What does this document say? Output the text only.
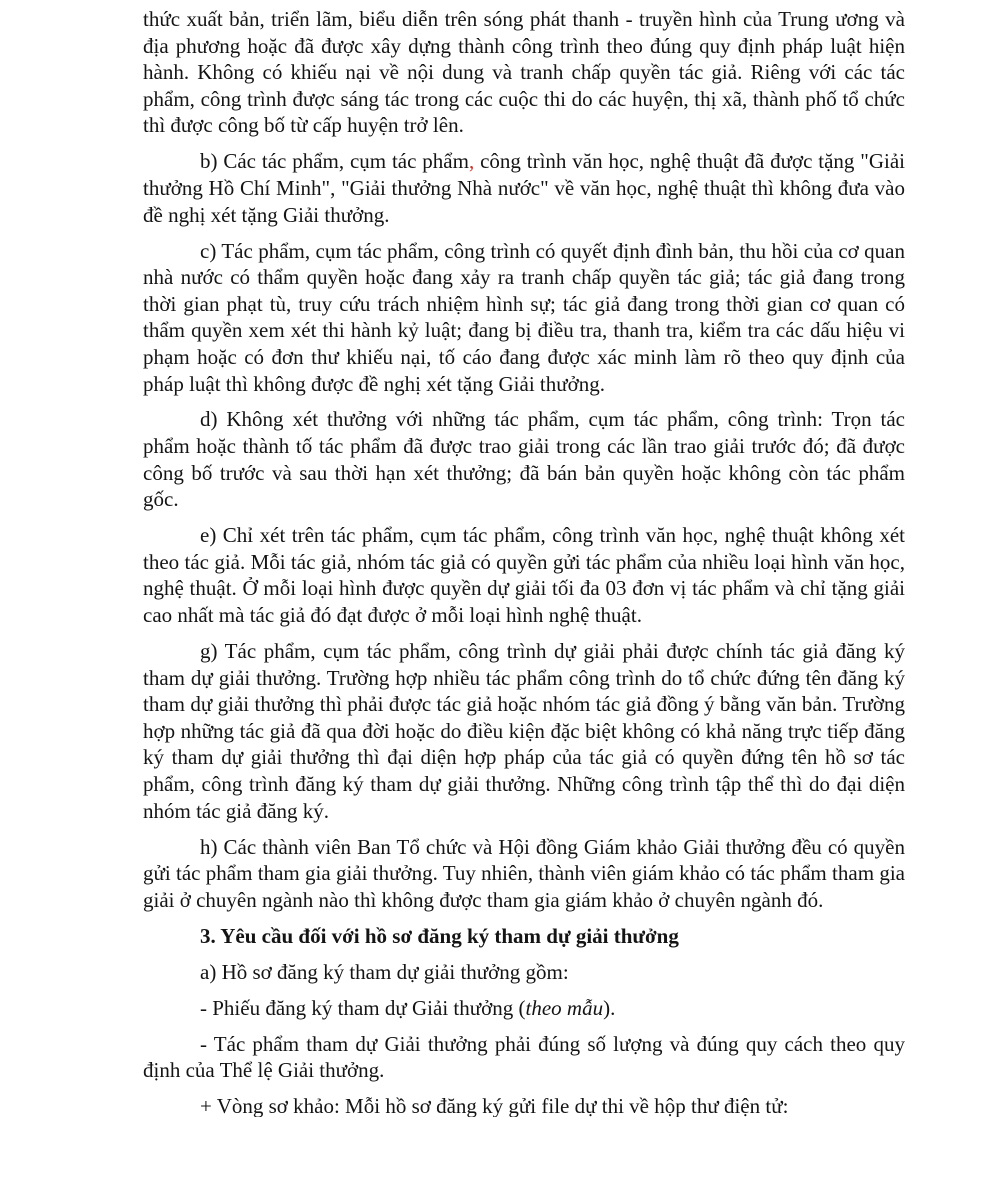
thức xuất bản, triển lãm, biểu diễn trên sóng phát thanh - truyền hình của Trung ương và địa phương hoặc đã được xây dựng thành công trình theo đúng quy định pháp luật hiện hành. Không có khiếu nại về nội dung và tranh chấp quyền tác giả. Riêng với các tác phẩm, công trình được sáng tác trong các cuộc thi do các huyện, thị xã, thành phố tổ chức thì được công bố từ cấp huyện trở lên.

b) Các tác phẩm, cụm tác phẩm, công trình văn học, nghệ thuật đã được tặng "Giải thưởng Hồ Chí Minh", "Giải thưởng Nhà nước" về văn học, nghệ thuật thì không đưa vào đề nghị xét tặng Giải thưởng.

c) Tác phẩm, cụm tác phẩm, công trình có quyết định đình bản, thu hồi của cơ quan nhà nước có thẩm quyền hoặc đang xảy ra tranh chấp quyền tác giả; tác giả đang trong thời gian phạt tù, truy cứu trách nhiệm hình sự; tác giả đang trong thời gian cơ quan có thẩm quyền xem xét thi hành kỷ luật; đang bị điều tra, thanh tra, kiểm tra các dấu hiệu vi phạm hoặc có đơn thư khiếu nại, tố cáo đang được xác minh làm rõ theo quy định của pháp luật thì không được đề nghị xét tặng Giải thưởng.

d) Không xét thưởng với những tác phẩm, cụm tác phẩm, công trình: Trọn tác phẩm hoặc thành tố tác phẩm đã được trao giải trong các lần trao giải trước đó; đã được công bố trước và sau thời hạn xét thưởng; đã bán bản quyền hoặc không còn tác phẩm gốc.

e) Chỉ xét trên tác phẩm, cụm tác phẩm, công trình văn học, nghệ thuật không xét theo tác giả. Mỗi tác giả, nhóm tác giả có quyền gửi tác phẩm của nhiều loại hình văn học, nghệ thuật. Ở mỗi loại hình được quyền dự giải tối đa 03 đơn vị tác phẩm và chỉ tặng giải cao nhất mà tác giả đó đạt được ở mỗi loại hình nghệ thuật.

g) Tác phẩm, cụm tác phẩm, công trình dự giải phải được chính tác giả đăng ký tham dự giải thưởng. Trường hợp nhiều tác phẩm công trình do tổ chức đứng tên đăng ký tham dự giải thưởng thì phải được tác giả hoặc nhóm tác giả đồng ý bằng văn bản. Trường hợp những tác giả đã qua đời hoặc do điều kiện đặc biệt không có khả năng trực tiếp đăng ký tham dự giải thưởng thì đại diện hợp pháp của tác giả có quyền đứng tên hồ sơ tác phẩm, công trình đăng ký tham dự giải thưởng. Những công trình tập thể thì do đại diện nhóm tác giả đăng ký.

h) Các thành viên Ban Tổ chức và Hội đồng Giám khảo Giải thưởng đều có quyền gửi tác phẩm tham gia giải thưởng. Tuy nhiên, thành viên giám khảo có tác phẩm tham gia giải ở chuyên ngành nào thì không được tham gia giám khảo ở chuyên ngành đó.

3. Yêu cầu đối với hồ sơ đăng ký tham dự giải thưởng

a) Hồ sơ đăng ký tham dự giải thưởng gồm:

- Phiếu đăng ký tham dự Giải thưởng (theo mẫu).

- Tác phẩm tham dự Giải thưởng phải đúng số lượng và đúng quy cách theo quy định của Thể lệ Giải thưởng.

+ Vòng sơ khảo: Mỗi hồ sơ đăng ký gửi file dự thi về hộp thư điện tử:
